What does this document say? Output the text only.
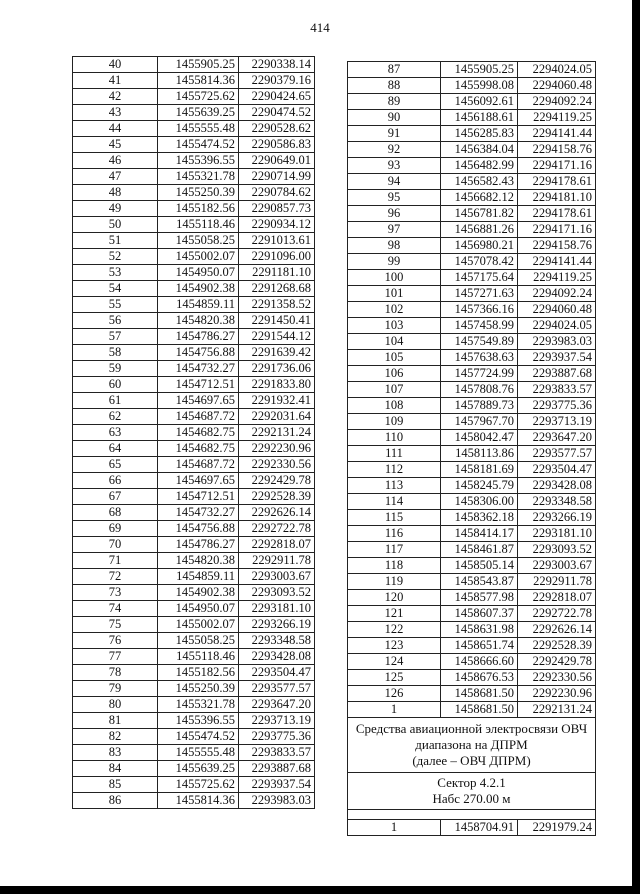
414
40	1455905.25	2290338.14
41	1455814.36	2290379.16
42	1455725.62	2290424.65
43	1455639.25	2290474.52
44	1455555.48	2290528.62
45	1455474.52	2290586.83
46	1455396.55	2290649.01
47	1455321.78	2290714.99
48	1455250.39	2290784.62
49	1455182.56	2290857.73
50	1455118.46	2290934.12
51	1455058.25	2291013.61
52	1455002.07	2291096.00
53	1454950.07	2291181.10
54	1454902.38	2291268.68
55	1454859.11	2291358.52
56	1454820.38	2291450.41
57	1454786.27	2291544.12
58	1454756.88	2291639.42
59	1454732.27	2291736.06
60	1454712.51	2291833.80
61	1454697.65	2291932.41
62	1454687.72	2292031.64
63	1454682.75	2292131.24
64	1454682.75	2292230.96
65	1454687.72	2292330.56
66	1454697.65	2292429.78
67	1454712.51	2292528.39
68	1454732.27	2292626.14
69	1454756.88	2292722.78
70	1454786.27	2292818.07
71	1454820.38	2292911.78
72	1454859.11	2293003.67
73	1454902.38	2293093.52
74	1454950.07	2293181.10
75	1455002.07	2293266.19
76	1455058.25	2293348.58
77	1455118.46	2293428.08
78	1455182.56	2293504.47
79	1455250.39	2293577.57
80	1455321.78	2293647.20
81	1455396.55	2293713.19
82	1455474.52	2293775.36
83	1455555.48	2293833.57
84	1455639.25	2293887.68
85	1455725.62	2293937.54
86	1455814.36	2293983.03
87	1455905.25	2294024.05
88	1455998.08	2294060.48
89	1456092.61	2294092.24
90	1456188.61	2294119.25
91	1456285.83	2294141.44
92	1456384.04	2294158.76
93	1456482.99	2294171.16
94	1456582.43	2294178.61
95	1456682.12	2294181.10
96	1456781.82	2294178.61
97	1456881.26	2294171.16
98	1456980.21	2294158.76
99	1457078.42	2294141.44
100	1457175.64	2294119.25
101	1457271.63	2294092.24
102	1457366.16	2294060.48
103	1457458.99	2294024.05
104	1457549.89	2293983.03
105	1457638.63	2293937.54
106	1457724.99	2293887.68
107	1457808.76	2293833.57
108	1457889.73	2293775.36
109	1457967.70	2293713.19
110	1458042.47	2293647.20
111	1458113.86	2293577.57
112	1458181.69	2293504.47
113	1458245.79	2293428.08
114	1458306.00	2293348.58
115	1458362.18	2293266.19
116	1458414.17	2293181.10
117	1458461.87	2293093.52
118	1458505.14	2293003.67
119	1458543.87	2292911.78
120	1458577.98	2292818.07
121	1458607.37	2292722.78
122	1458631.98	2292626.14
123	1458651.74	2292528.39
124	1458666.60	2292429.78
125	1458676.53	2292330.56
126	1458681.50	2292230.96
1	1458681.50	2292131.24

Средства авиационной электросвязи ОВЧ
диапазона на ДПРМ
(далее – ОВЧ ДПРМ)		

Сектор 4.2.1
Набс 270.00 м		

1	1458704.91	2291979.24
